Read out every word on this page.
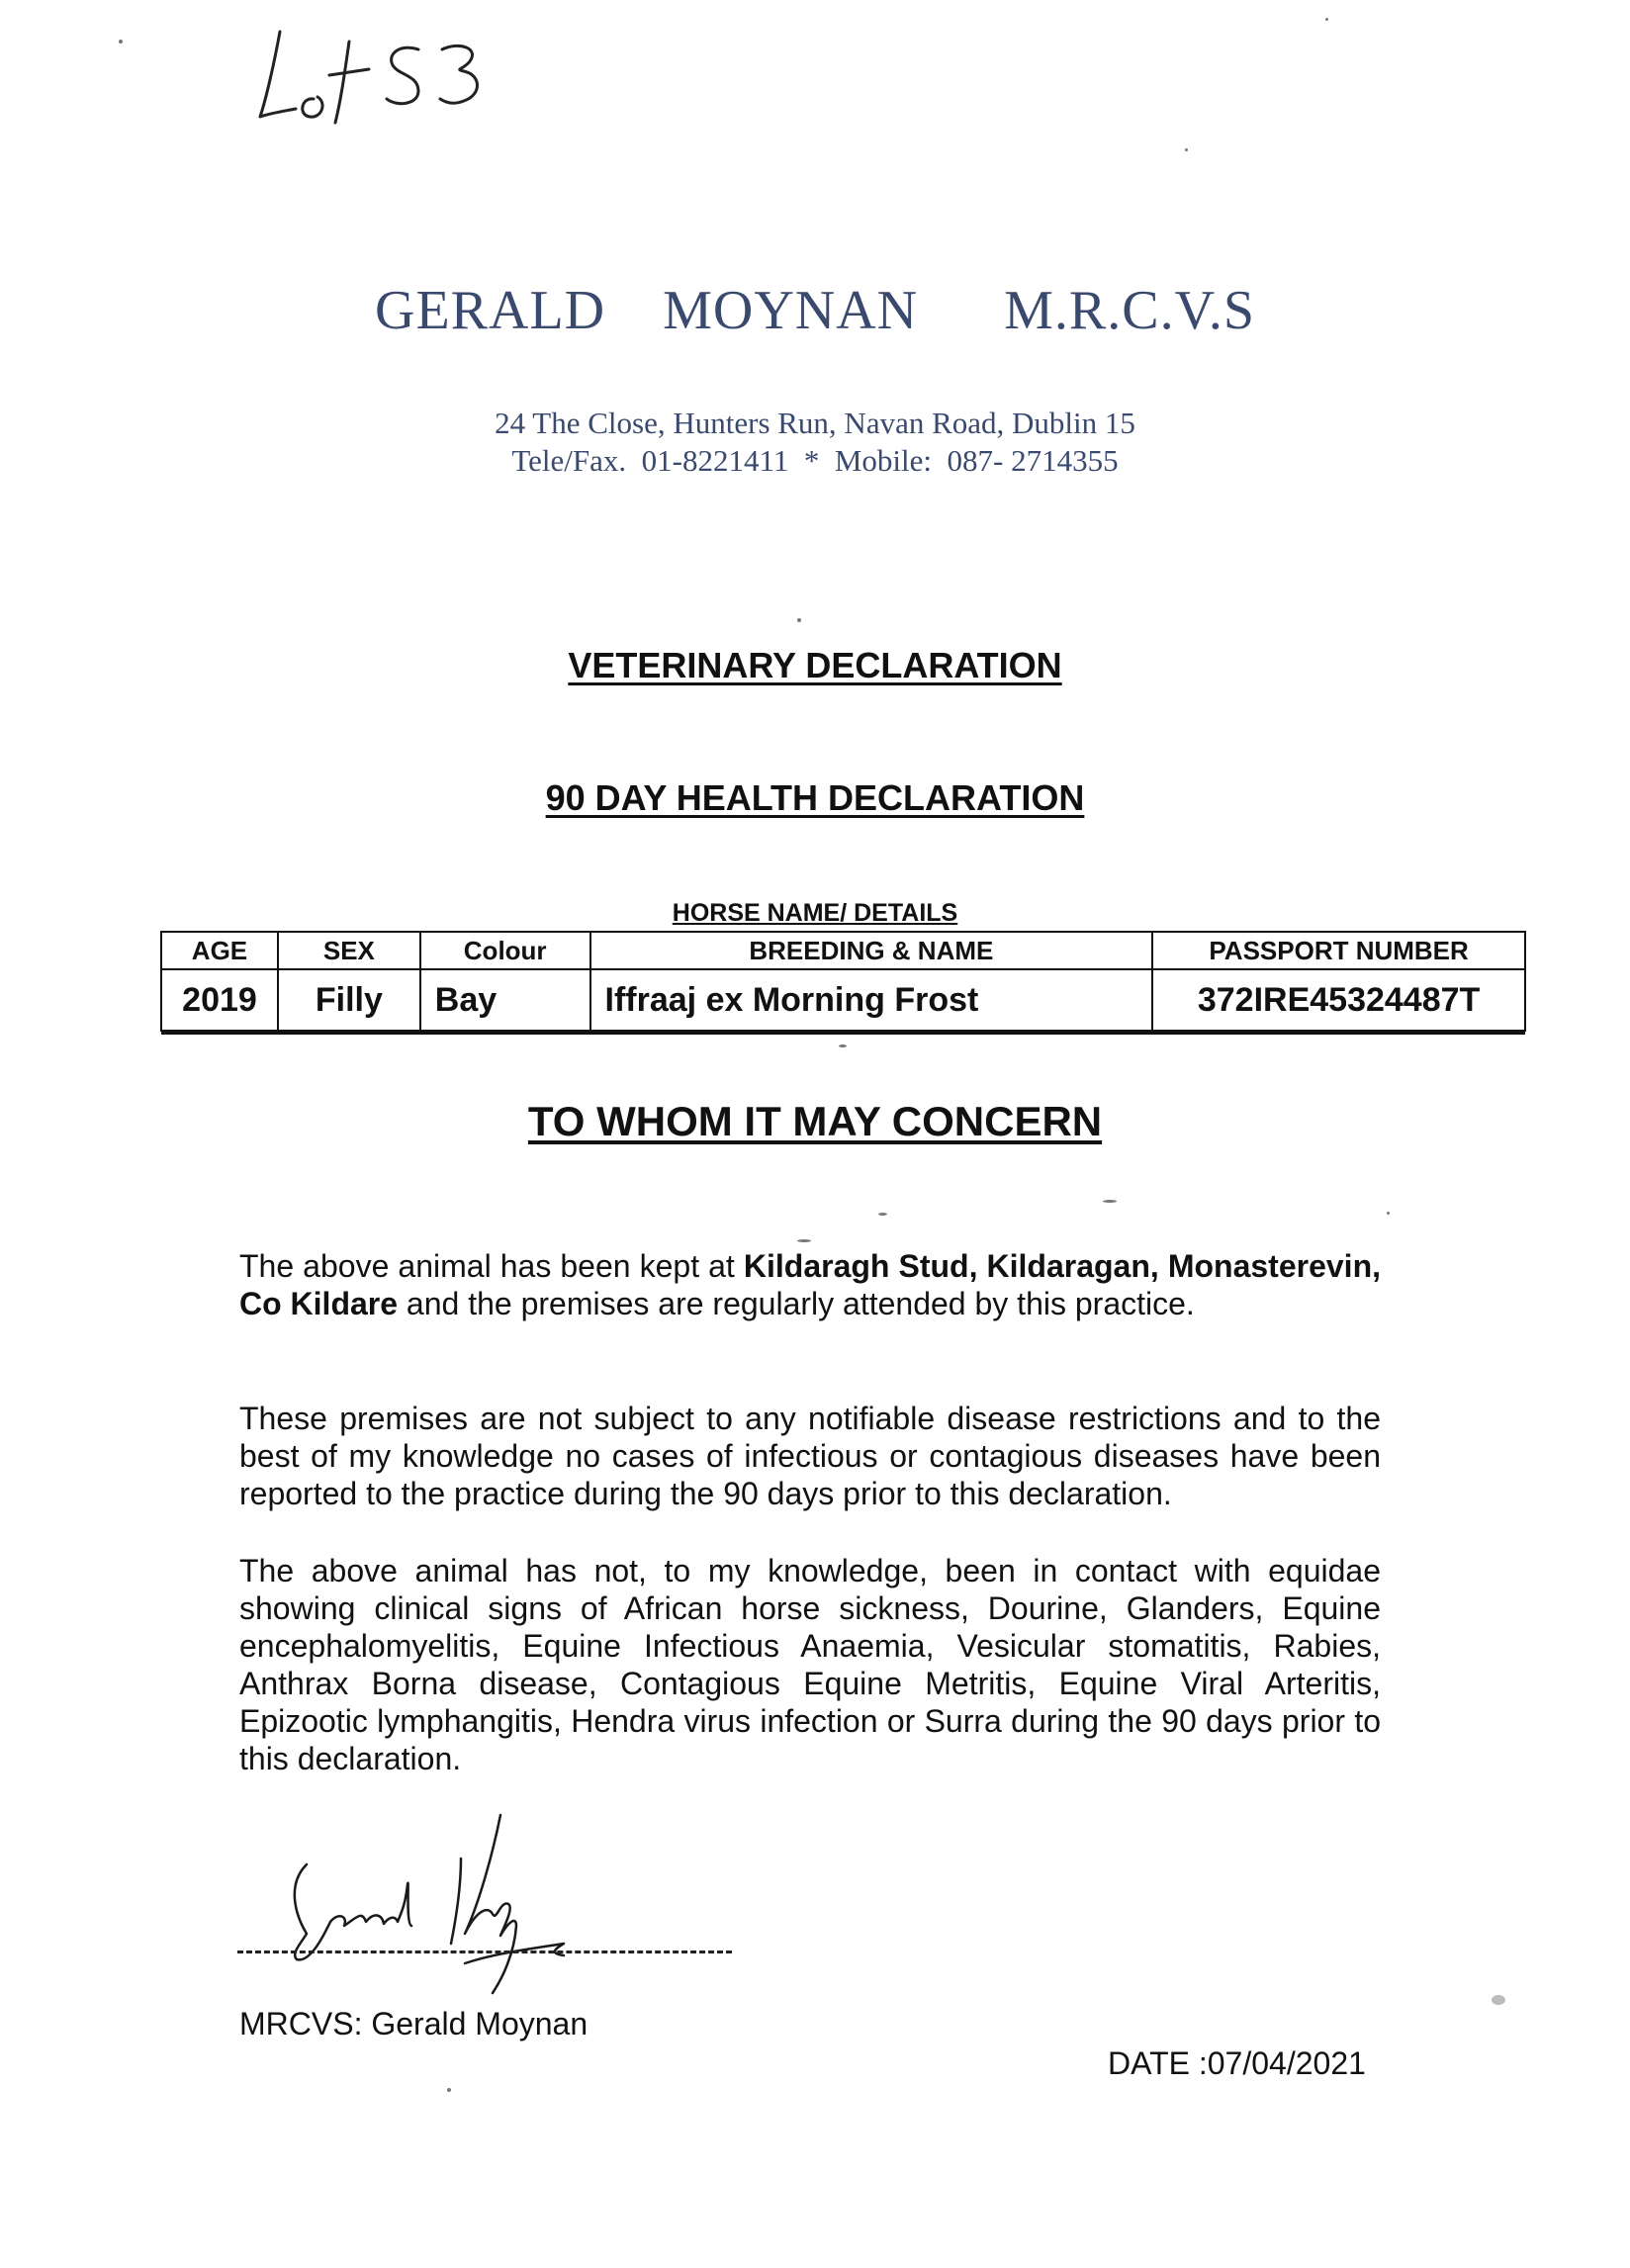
GERALD  MOYNAN   M.R.C.V.S
24 The Close, Hunters Run, Navan Road, Dublin 15
Tele/Fax.  01-8221411  *  Mobile:  087- 2714355
VETERINARY DECLARATION
90 DAY HEALTH DECLARATION
HORSE NAME/ DETAILS
AGE	SEX	Colour	BREEDING & NAME	PASSPORT NUMBER
2019	Filly	Bay	Iffraaj ex Morning Frost	372IRE45324487T
TO WHOM IT MAY CONCERN
The above animal has been kept at Kildaragh Stud, Kildaragan, Monasterevin, Co Kildare and the premises are regularly attended by this practice.
These premises are not subject to any notifiable disease restrictions and to the best of my knowledge no cases of infectious or contagious diseases have been reported to the practice during the 90 days prior to this declaration.
The above animal has not, to my knowledge, been in contact with equidae showing clinical signs of African horse sickness, Dourine, Glanders, Equine encephalomyelitis, Equine Infectious Anaemia, Vesicular stomatitis, Rabies, Anthrax Borna disease, Contagious Equine Metritis, Equine Viral Arteritis, Epizootic lymphangitis, Hendra virus infection or Surra during the 90 days prior to this declaration.
MRCVS: Gerald Moynan
DATE :07/04/2021
